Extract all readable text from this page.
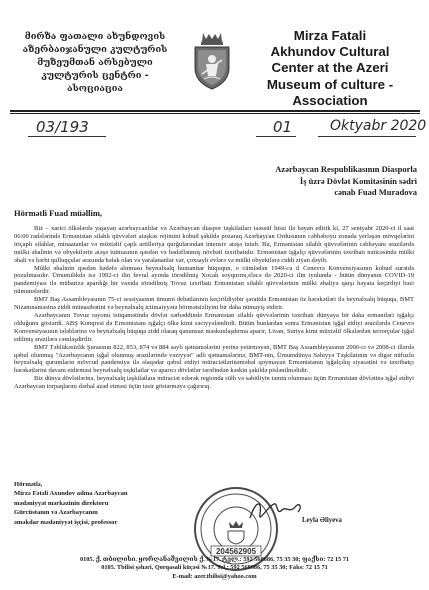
მირზა ფათალი ახუნდოვის
აზერბაიჯანული კულტურის
მუზეუმთან არსებული
კულტურის ცენტრი -
ასოციაცია
Mirza Fatali
Akhundov Cultural
Center at the Azeri
Museum of culture -
Association
03/193	01	Oktyabr 2020
Azərbaycan Respublikasının Diasporla
İş üzrə Dövlət Komitəsinin sədri
cənab Fuad Muradova
Hörmətli Fuad müəllim,

Biz – xarici ölkələrdə yaşayan azərbaycanlılar və Azərbaycan diaspor təşkilatları təəssüf hissi ilə bəyan edirik ki, 27 sentyabr 2020-ci il saat 06:00 radələrində Ermənistan silahlı qüvvələri atəşkəs rejimini kobud şəkildə pozaraq Azərbaycan Ordusunun cəbhəboyu zonada yerləşən mövqelərini iriçaplı silahlar, minaatanlar və müxtəlif çaplı artilleriya qurğularından intensiv atəşə tutub. Bu, Ermənistan silahlı qüvvələrinin cəbhəyanı ərazilərdə mülki əhalinin və obyektlərin atəşə tutmasının qəsdən və hədəflənmiş növbəti təxribatıdır. Ermənistan işğalçı qüvvələrinin təxribatı nəticəsində mülki əhali və hərbi qulluqçular arasında həlak olan və yaralananlar var, çoxsaylı evlərə və mülki obyektlərə ciddi ziyan dəyib.

Mülki əhalinin qəsdən hədəfə alınması beynəlxalq humanitar hüququn, o cümlədən 1949-cu il Cenevrə Konvensiyasının kobud surətdə pozulmasıdır. Ümumilikdə isə 1992-ci ilin fevral ayında törədilmiş Xocalı soyqırımı,eləcə də 2020-ci ilin iyulunda - bütün dünyanın COVID-19 pandemiyası ilə mübarizə apardığı bir vaxtda törədilmiş Tovuz təxribatı Ermənistan silahlı qüvvələrinin mülki əhaliyə qarşı həyata keçirdiyi bəzi nümunələrdir.

BMT Baş Assambleyasının 75-ci sessiyasının ümumi debatlarının keçirildiyibir şəraitdə Ermənistan öz hərəkətləri ilə beynəlxalq hüquqa, BMT Nizamnaməsinə ziddi münasibətini və beynəlxalq ictimaiyyətə hörmətsizliyini bir daha nümayiş etdirir.

Azərbaycanın Tovuz rayonu istiqamətində dövlət sərhəddində Ermənistan silahlı qüvvələrinin təxribatı dünyaya bir daha erməniləri işğalçı olduğunu göstərdi. ABŞ Konqresi də Ermənistanı işğalçı ölkə kimi səciyyələndirdi. Bütün bunlardan sonra Ermənistan işğal etdiyi ərazilərdə Cenevrə Konvensiyasının tələblərinə və beynəlxalq hüquqa zidd olaraq qanunsuz məskunlaşdırma aparır, Livan, Suriya kimi müxtəlif ölkələrdən terrorçular işğal edilmiş ərazilərə cəmləşdirilir.

BMT Təhlükəsizlik Şurasının 822, 853, 874 və 884 saylı qətnamələrini yerinə yetirməyən, BMT Baş Assambleyasının 2006-cı və 2008-ci illərdə qəbul olunmuş "Azərbaycanın işğal olunmuş ərazilərində vəziyyət" adlı qətnamələrinə, BMT-nin, Ümumdünya Səhiyyə Təşkilatının və digər nüfuzlu beynəlxalq qurumların mövcud pandemiya ilə əlaqədar qəbul etdiyi müraciətlərinəməhəl qoymayan Ermənistanın işğalçılıq siyasətini və təxribatçı hərəkətlərini davam etdirməsi beynəlxalq təşkilatlar və aparıcı dövlətlər tərəfindən kəskin şəkildə pislənilməlidir.

Biz dünya dövlətlərinə, beynəlxalq təşkilatlara müraciət edərək regionda sülh və sabitliyin təmin olunması üçün Ermənistan dövlətinə işğal etdiyi Azərbaycan torpaqlarını dərhal azad etməsi üçün təsir göstərməyə çağırırıq.

Hörmətlə,
Mirzə Fətəli Axundov adına Azərbaycan
mədəniyyət mərkəzinin direktoru
Gürcüstanın və Azərbaycanın
əməkdar mədəniyyət işçisi, professor
204562905
Leyla Əliyeva
0105. ქ. თბილისი. ყორღანაშვილის ქ. №17. ტელ.: 592 568686, 75 35 30; ფაქსი: 72 15 71
0105. Tbilisi şəhəri, Qorqasali küçəsi №17. Tel.: 592 568686, 75 35 30; Faks: 72 15 71
E-mail: azer.tbilisi@yahoo.com
